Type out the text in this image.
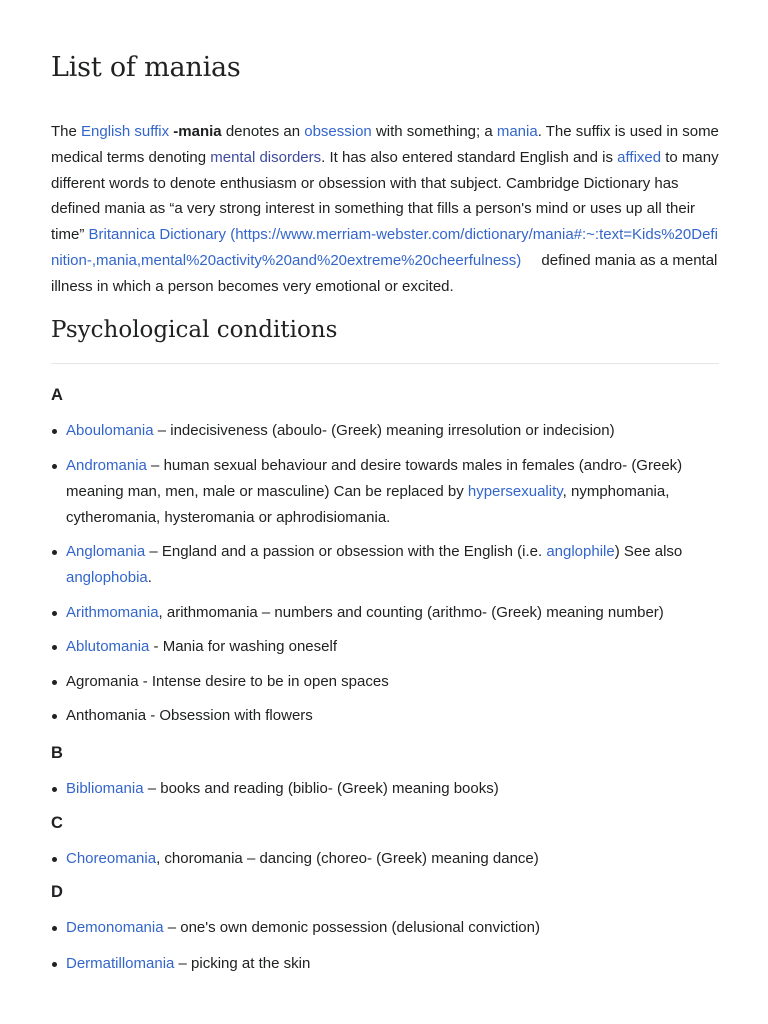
List of manias

The English suffix -mania denotes an obsession with something; a mania. The suffix is used in some medical terms denoting mental disorders. It has also entered standard English and is affixed to many different words to denote enthusiasm or obsession with that subject. Cambridge Dictionary has defined mania as “a very strong interest in something that fills a person's mind or uses up all their time” Britannica Dictionary (https://www.merriam-webster.com/dictionary/mania#:~:text=Kids%20Definition-,mania,mental%20activity%20and%20extreme%20cheerfulness) defined mania as a mental illness in which a person becomes very emotional or excited.

Psychological conditions
A
Aboulomania – indecisiveness (aboulo- (Greek) meaning irresolution or indecision)
Andromania – human sexual behaviour and desire towards males in females (andro- (Greek) meaning man, men, male or masculine) Can be replaced by hypersexuality, nymphomania, cytheromania, hysteromania or aphrodisiomania.
Anglomania – England and a passion or obsession with the English (i.e. anglophile) See also anglophobia.
Arithmomania, arithmomania – numbers and counting (arithmo- (Greek) meaning number)
Ablutomania - Mania for washing oneself
Agromania - Intense desire to be in open spaces
Anthomania - Obsession with flowers
B
Bibliomania – books and reading (biblio- (Greek) meaning books)
C
Choreomania, choromania – dancing (choreo- (Greek) meaning dance)
D
Demonomania – one's own demonic possession (delusional conviction)
Dermatillomania – picking at the skin
